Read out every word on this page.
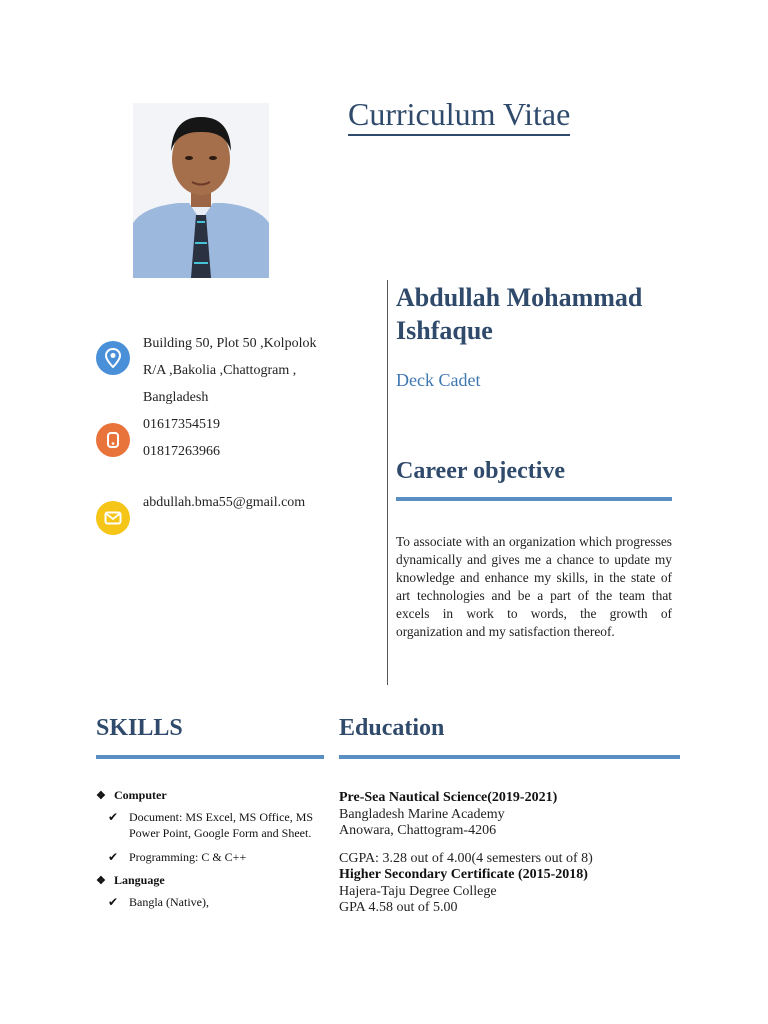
Curriculum Vitae
Building 50, Plot 50 ,Kolpolok
R/A ,Bakolia ,Chattogram ,
Bangladesh
01617354519
01817263966
abdullah.bma55@gmail.com
Abdullah Mohammad Ishfaque
Deck Cadet
Career objective
To associate with an organization which progresses dynamically and gives me a chance to update my knowledge and enhance my skills, in the state of art technologies and be a part of the team that excels in work to words, the growth of organization and my satisfaction thereof.
SKILLS
❖ Computer
✔ Document: MS Excel, MS Office, MS Power Point, Google Form and Sheet.
✔ Programming: C & C++
❖ Language
✔ Bangla (Native),
Education
Pre-Sea Nautical Science(2019-2021)
Bangladesh Marine Academy
Anowara, Chattogram-4206
CGPA: 3.28 out of 4.00(4 semesters out of 8)
Higher Secondary Certificate (2015-2018)
Hajera-Taju Degree College
GPA 4.58 out of 5.00
